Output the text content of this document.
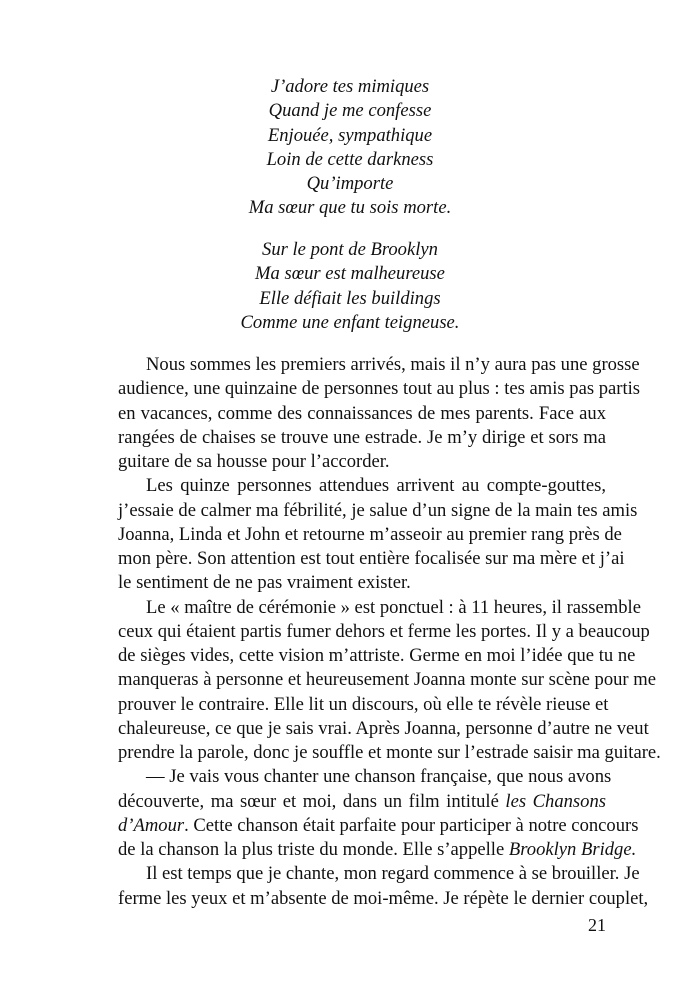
J’adore tes mimiques
Quand je me confesse
Enjouée, sympathique
Loin de cette darkness
Qu’importe
Ma sœur que tu sois morte.
Sur le pont de Brooklyn
Ma sœur est malheureuse
Elle défiait les buildings
Comme une enfant teigneuse.
Nous sommes les premiers arrivés, mais il n’y aura pas une grosse
audience, une quinzaine de personnes tout au plus : tes amis pas partis
en vacances, comme des connaissances de mes parents. Face aux
rangées de chaises se trouve une estrade. Je m’y dirige et sors ma
guitare de sa housse pour l’accorder.
Les quinze personnes attendues arrivent au compte-gouttes,
j’essaie de calmer ma fébrilité, je salue d’un signe de la main tes amis
Joanna, Linda et John et retourne m’asseoir au premier rang près de
mon père. Son attention est tout entière focalisée sur ma mère et j’ai
le sentiment de ne pas vraiment exister.
Le « maître de cérémonie » est ponctuel : à 11 heures, il rassemble
ceux qui étaient partis fumer dehors et ferme les portes. Il y a beaucoup
de sièges vides, cette vision m’attriste. Germe en moi l’idée que tu ne
manqueras à personne et heureusement Joanna monte sur scène pour me
prouver le contraire. Elle lit un discours, où elle te révèle rieuse et
chaleureuse, ce que je sais vrai. Après Joanna, personne d’autre ne veut
prendre la parole, donc je souffle et monte sur l’estrade saisir ma guitare.
— Je vais vous chanter une chanson française, que nous avons
découverte, ma sœur et moi, dans un film intitulé les Chansons
d’Amour. Cette chanson était parfaite pour participer à notre concours
de la chanson la plus triste du monde. Elle s’appelle Brooklyn Bridge.
Il est temps que je chante, mon regard commence à se brouiller. Je
ferme les yeux et m’absente de moi-même. Je répète le dernier couplet,
21
